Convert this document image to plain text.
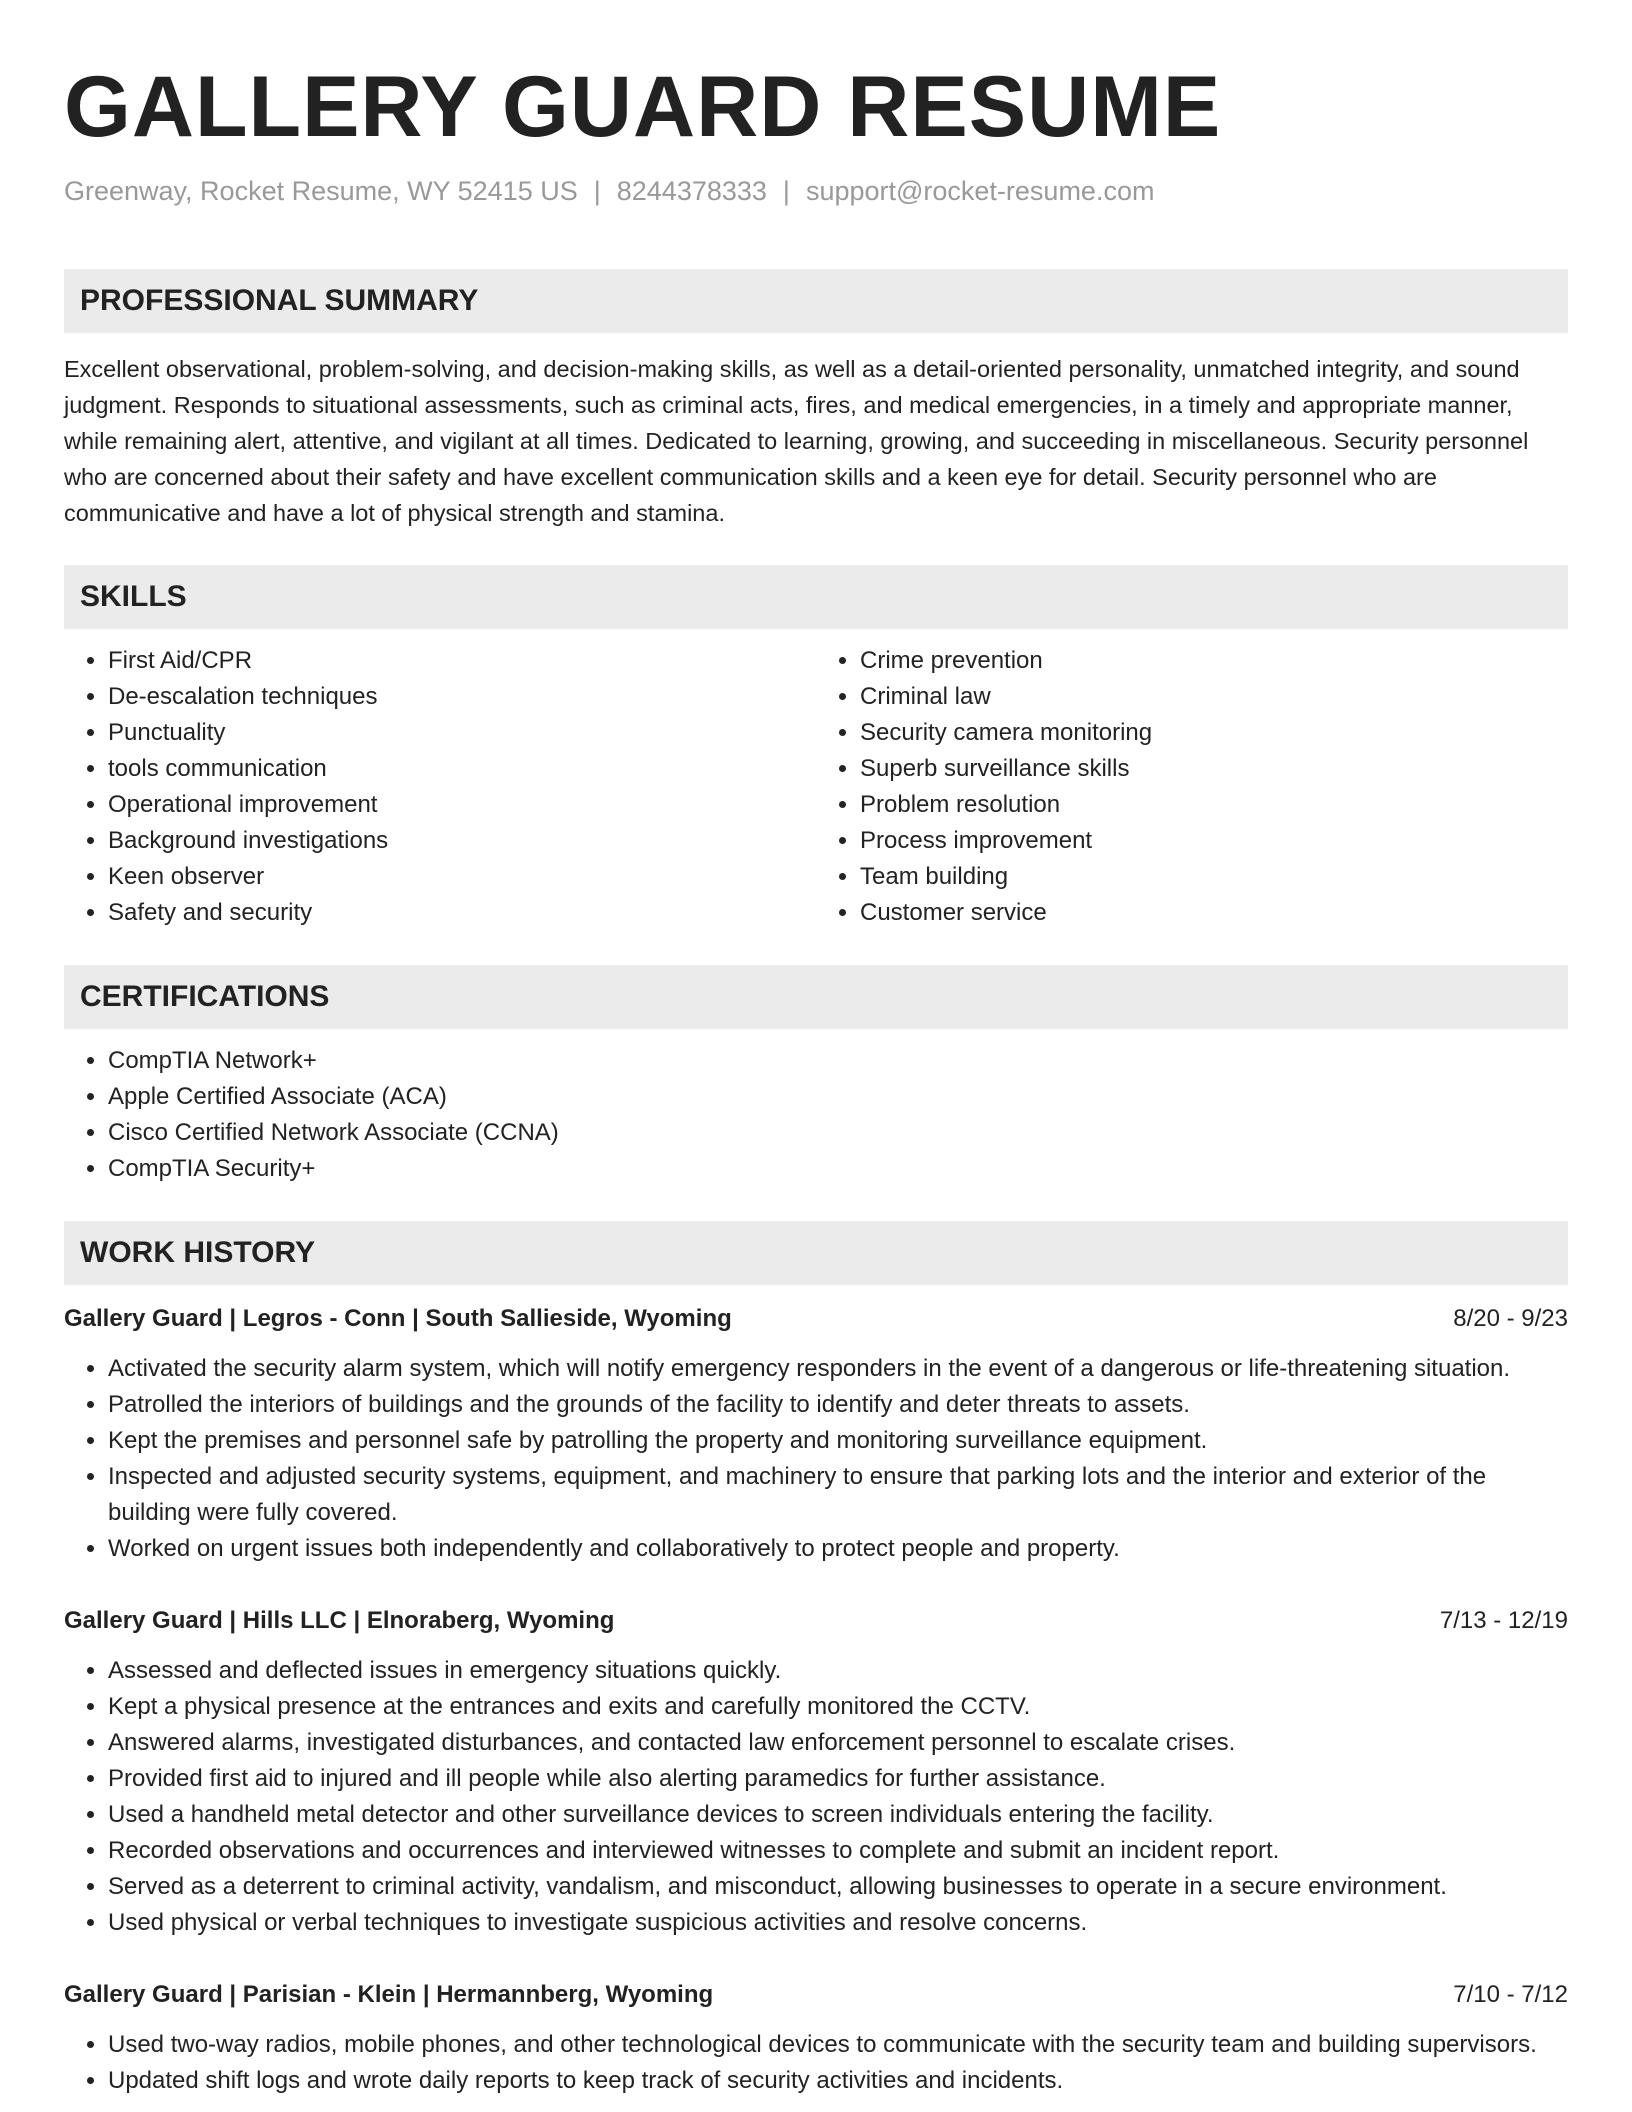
GALLERY GUARD RESUME
Greenway, Rocket Resume, WY 52415 US | 8244378333 | support@rocket-resume.com
PROFESSIONAL SUMMARY

Excellent observational, problem-solving, and decision-making skills, as well as a detail-oriented personality, unmatched integrity, and sound judgment. Responds to situational assessments, such as criminal acts, fires, and medical emergencies, in a timely and appropriate manner, while remaining alert, attentive, and vigilant at all times. Dedicated to learning, growing, and succeeding in miscellaneous. Security personnel who are concerned about their safety and have excellent communication skills and a keen eye for detail. Security personnel who are communicative and have a lot of physical strength and stamina.

SKILLS
• First Aid/CPR
• De-escalation techniques
• Punctuality
• tools communication
• Operational improvement
• Background investigations
• Keen observer
• Safety and security
• Crime prevention
• Criminal law
• Security camera monitoring
• Superb surveillance skills
• Problem resolution
• Process improvement
• Team building
• Customer service
CERTIFICATIONS
• CompTIA Network+
• Apple Certified Associate (ACA)
• Cisco Certified Network Associate (CCNA)
• CompTIA Security+
WORK HISTORY
Gallery Guard | Legros - Conn | South Sallieside, Wyoming	8/20 - 9/23
• Activated the security alarm system, which will notify emergency responders in the event of a dangerous or life-threatening situation.
• Patrolled the interiors of buildings and the grounds of the facility to identify and deter threats to assets.
• Kept the premises and personnel safe by patrolling the property and monitoring surveillance equipment.
• Inspected and adjusted security systems, equipment, and machinery to ensure that parking lots and the interior and exterior of the building were fully covered.
• Worked on urgent issues both independently and collaboratively to protect people and property.
Gallery Guard | Hills LLC | Elnoraberg, Wyoming	7/13 - 12/19
• Assessed and deflected issues in emergency situations quickly.
• Kept a physical presence at the entrances and exits and carefully monitored the CCTV.
• Answered alarms, investigated disturbances, and contacted law enforcement personnel to escalate crises.
• Provided first aid to injured and ill people while also alerting paramedics for further assistance.
• Used a handheld metal detector and other surveillance devices to screen individuals entering the facility.
• Recorded observations and occurrences and interviewed witnesses to complete and submit an incident report.
• Served as a deterrent to criminal activity, vandalism, and misconduct, allowing businesses to operate in a secure environment.
• Used physical or verbal techniques to investigate suspicious activities and resolve concerns.
Gallery Guard | Parisian - Klein | Hermannberg, Wyoming	7/10 - 7/12
• Used two-way radios, mobile phones, and other technological devices to communicate with the security team and building supervisors.
• Updated shift logs and wrote daily reports to keep track of security activities and incidents.
